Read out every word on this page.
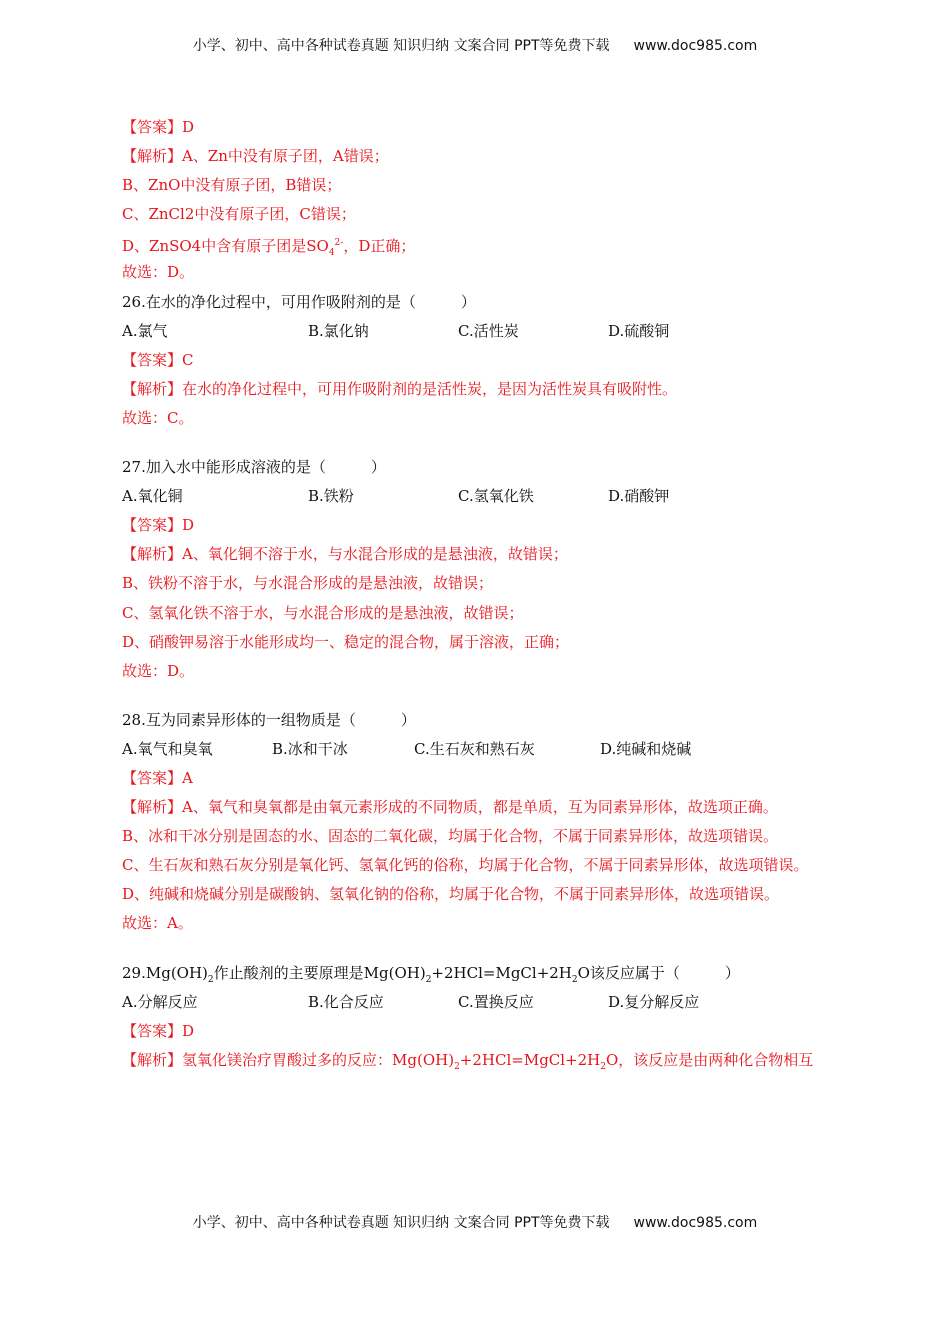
小学、初中、高中各种试卷真题 知识归纳 文案合同 PPT等免费下载 www.doc985.com
【答案】D
【解析】A、Zn中没有原子团，A错误；
B、ZnO中没有原子团，B错误；
C、ZnCl2中没有原子团，C错误；
D、ZnSO4中含有原子团是$SO_4^{2-}$，D正确；
故选：D。
26.在水的净化过程中，可用作吸附剂的是（　　　）
A.氯气	B.氯化钠	C.活性炭	D.硫酸铜
【答案】C
【解析】在水的净化过程中，可用作吸附剂的是活性炭，是因为活性炭具有吸附性。
故选：C。
27.加入水中能形成溶液的是（　　　）
A.氧化铜	B.铁粉	C.氢氧化铁	D.硝酸钾
【答案】D
【解析】A、氧化铜不溶于水，与水混合形成的是悬浊液，故错误；
B、铁粉不溶于水，与水混合形成的是悬浊液，故错误；
C、氢氧化铁不溶于水，与水混合形成的是悬浊液，故错误；
D、硝酸钾易溶于水能形成均一、稳定的混合物，属于溶液，正确；
故选：D。
28.互为同素异形体的一组物质是（　　　）
A.氧气和臭氧	B.冰和干冰	C.生石灰和熟石灰	D.纯碱和烧碱
【答案】A
【解析】A、氧气和臭氧都是由氧元素形成的不同物质，都是单质，互为同素异形体，故选项正确。
B、冰和干冰分别是固态的水、固态的二氧化碳，均属于化合物，不属于同素异形体，故选项错误。
C、生石灰和熟石灰分别是氧化钙、氢氧化钙的俗称，均属于化合物，不属于同素异形体，故选项错误。
D、纯碱和烧碱分别是碳酸钠、氢氧化钠的俗称，均属于化合物，不属于同素异形体，故选项错误。
故选：A。
$29.Mg(OH)_2$作止酸剂的主要原理是$Mg(OH)_2+2HCl=MgCl+2H_2O$该反应属于（　　　）
A.分解反应	B.化合反应	C.置换反应	D.复分解反应
【答案】D
【解析】氢氧化镁治疗胃酸过多的反应：$Mg(OH)_2+2HCl=MgCl+2H_2O$，该反应是由两种化合物相互
小学、初中、高中各种试卷真题 知识归纳 文案合同 PPT等免费下载 www.doc985.com
